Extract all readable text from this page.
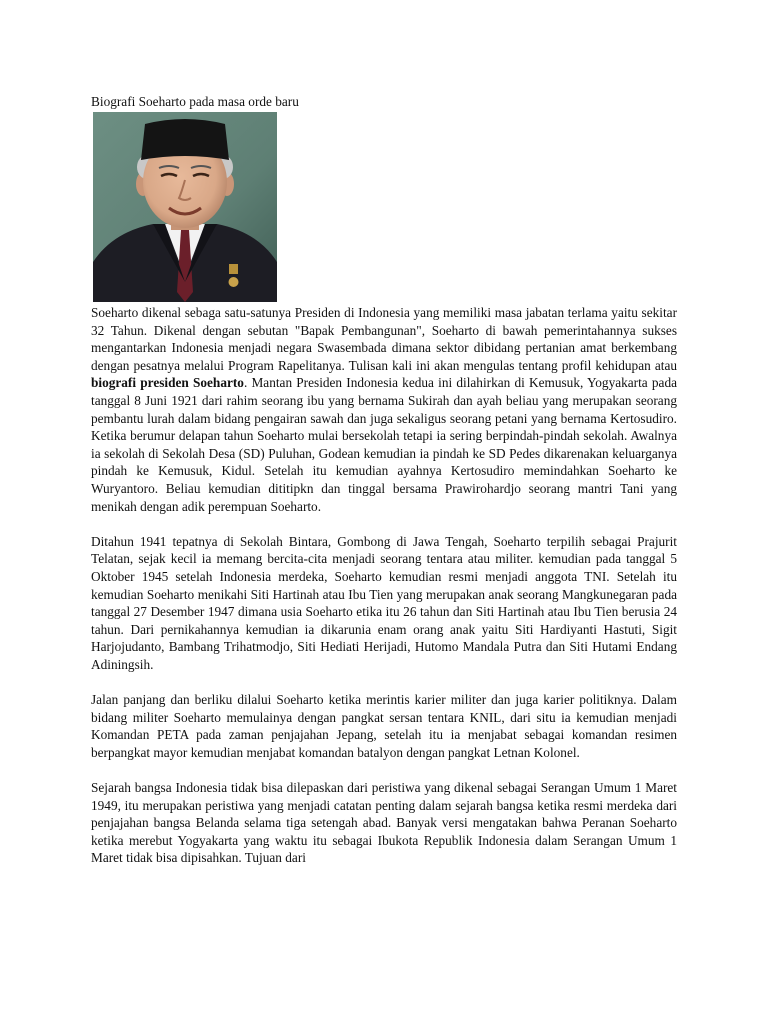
Biografi Soeharto pada masa orde baru

Soeharto dikenal sebaga satu-satunya Presiden di Indonesia yang memiliki masa jabatan terlama yaitu sekitar 32 Tahun. Dikenal dengan sebutan "Bapak Pembangunan", Soeharto di bawah pemerintahannya sukses mengantarkan Indonesia menjadi negara Swasembada dimana sektor dibidang pertanian amat berkembang dengan pesatnya melalui Program Rapelitanya. Tulisan kali ini akan mengulas tentang profil kehidupan atau biografi presiden Soeharto. Mantan Presiden Indonesia kedua ini dilahirkan di Kemusuk, Yogyakarta pada tanggal 8 Juni 1921 dari rahim seorang ibu yang bernama Sukirah dan ayah beliau yang merupakan seorang pembantu lurah dalam bidang pengairan sawah dan juga sekaligus seorang petani yang bernama Kertosudiro. Ketika berumur delapan tahun Soeharto mulai bersekolah tetapi ia sering berpindah-pindah sekolah. Awalnya ia sekolah di Sekolah Desa (SD) Puluhan, Godean kemudian ia pindah ke SD Pedes dikarenakan keluarganya pindah ke Kemusuk, Kidul. Setelah itu kemudian ayahnya Kertosudiro memindahkan Soeharto ke Wuryantoro. Beliau kemudian dititipkn dan tinggal bersama Prawirohardjo seorang mantri Tani yang menikah dengan adik perempuan Soeharto.

Ditahun 1941 tepatnya di Sekolah Bintara, Gombong di Jawa Tengah, Soeharto terpilih sebagai Prajurit Telatan, sejak kecil ia memang bercita-cita menjadi seorang tentara atau militer. kemudian pada tanggal 5 Oktober 1945 setelah Indonesia merdeka, Soeharto kemudian resmi menjadi anggota TNI. Setelah itu kemudian Soeharto menikahi Siti Hartinah atau Ibu Tien yang merupakan anak seorang Mangkunegaran pada tanggal 27 Desember 1947 dimana usia Soeharto etika itu 26 tahun dan Siti Hartinah atau Ibu Tien berusia 24 tahun. Dari pernikahannya kemudian ia dikarunia enam orang anak yaitu Siti Hardiyanti Hastuti, Sigit Harjojudanto, Bambang Trihatmodjo, Siti Hediati Herijadi, Hutomo Mandala Putra dan Siti Hutami Endang Adiningsih.

Jalan panjang dan berliku dilalui Soeharto ketika merintis karier militer dan juga karier politiknya. Dalam bidang militer Soeharto memulainya dengan pangkat sersan tentara KNIL, dari situ ia kemudian menjadi Komandan PETA pada zaman penjajahan Jepang, setelah itu ia menjabat sebagai komandan resimen berpangkat mayor kemudian menjabat komandan batalyon dengan pangkat Letnan Kolonel.

Sejarah bangsa Indonesia tidak bisa dilepaskan dari peristiwa yang dikenal sebagai Serangan Umum 1 Maret 1949, itu merupakan peristiwa yang menjadi catatan penting dalam sejarah bangsa ketika resmi merdeka dari penjajahan bangsa Belanda selama tiga setengah abad. Banyak versi mengatakan bahwa Peranan Soeharto ketika merebut Yogyakarta yang waktu itu sebagai Ibukota Republik Indonesia dalam Serangan Umum 1 Maret tidak bisa dipisahkan. Tujuan dari
